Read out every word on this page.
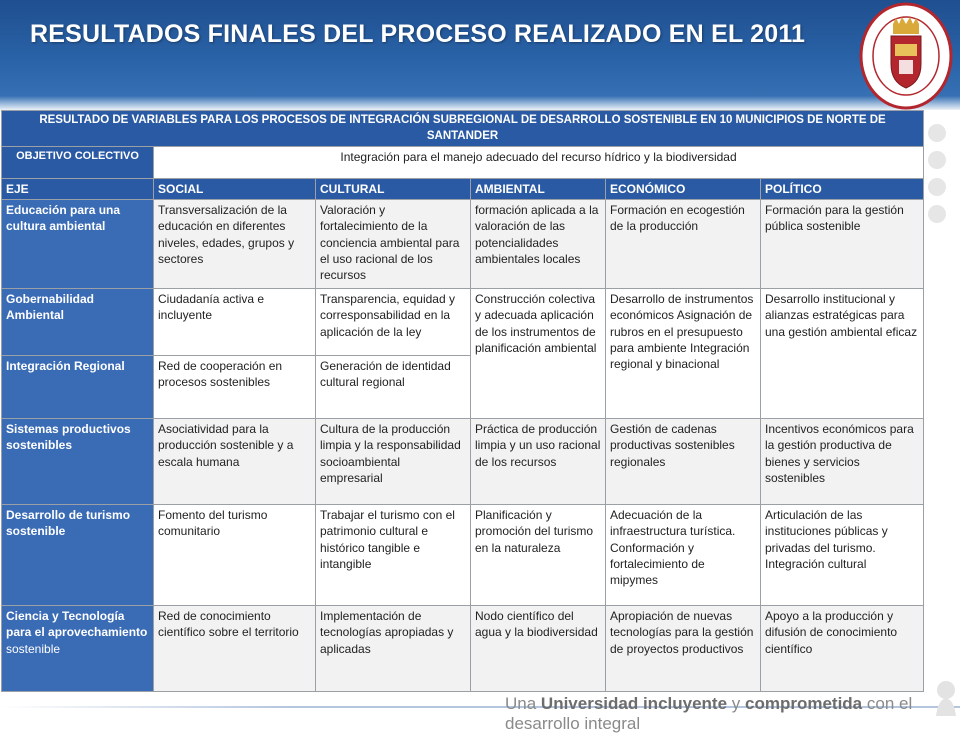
RESULTADOS FINALES DEL PROCESO REALIZADO EN EL 2011
RESULTADO DE VARIABLES PARA LOS PROCESOS DE INTEGRACIÓN SUBREGIONAL DE DESARROLLO SOSTENIBLE EN 10 MUNICIPIOS DE NORTE DE SANTANDER					
OBJETIVO COLECTIVO	Integración para el manejo adecuado del recurso hídrico y la biodiversidad				
EJE	SOCIAL	CULTURAL	AMBIENTAL	ECONÓMICO	POLÍTICO
Educación para una cultura ambiental	Transversalización de la educación en diferentes niveles, edades, grupos y sectores	Valoración y fortalecimiento de la conciencia ambiental para el uso racional de los recursos	formación aplicada a la valoración de las potencialidades ambientales locales	Formación en ecogestión de la producción	Formación para la gestión pública sostenible
Gobernabilidad Ambiental	Ciudadanía activa e incluyente	Transparencia, equidad y corresponsabilidad en la aplicación de la ley	Construcción colectiva y adecuada aplicación de los instrumentos de planificación ambiental	Desarrollo de instrumentos económicos Asignación de rubros en el presupuesto para ambiente Integración regional y binacional	Desarrollo institucional y alianzas estratégicas para una gestión ambiental eficaz
Integración Regional	Red de cooperación en procesos sostenibles	Generación de identidad cultural regional			
Sistemas productivos sostenibles	Asociatividad para la producción sostenible y a escala humana	Cultura de la producción limpia y la responsabilidad socioambiental empresarial	Práctica de producción limpia y un uso racional de los recursos	Gestión de cadenas productivas sostenibles regionales	Incentivos económicos para la gestión productiva de bienes y servicios sostenibles
Desarrollo de turismo sostenible	Fomento del turismo comunitario	Trabajar el turismo con el patrimonio cultural e histórico tangible e intangible	Planificación y promoción del turismo en la naturaleza	Adecuación de la infraestructura turística. Conformación y fortalecimiento de mipymes	Articulación de las instituciones públicas y privadas del turismo. Integración cultural
Ciencia y Tecnología para el aprovechamiento sostenible	Red de conocimiento científico sobre el territorio	Implementación de tecnologías apropiadas y aplicadas	Nodo científico del agua y la biodiversidad	Apropiación de nuevas tecnologías para la gestión de proyectos productivos	Apoyo a la producción y difusión de conocimiento científico
Una Universidad incluyente y comprometida con el desarrollo integral
